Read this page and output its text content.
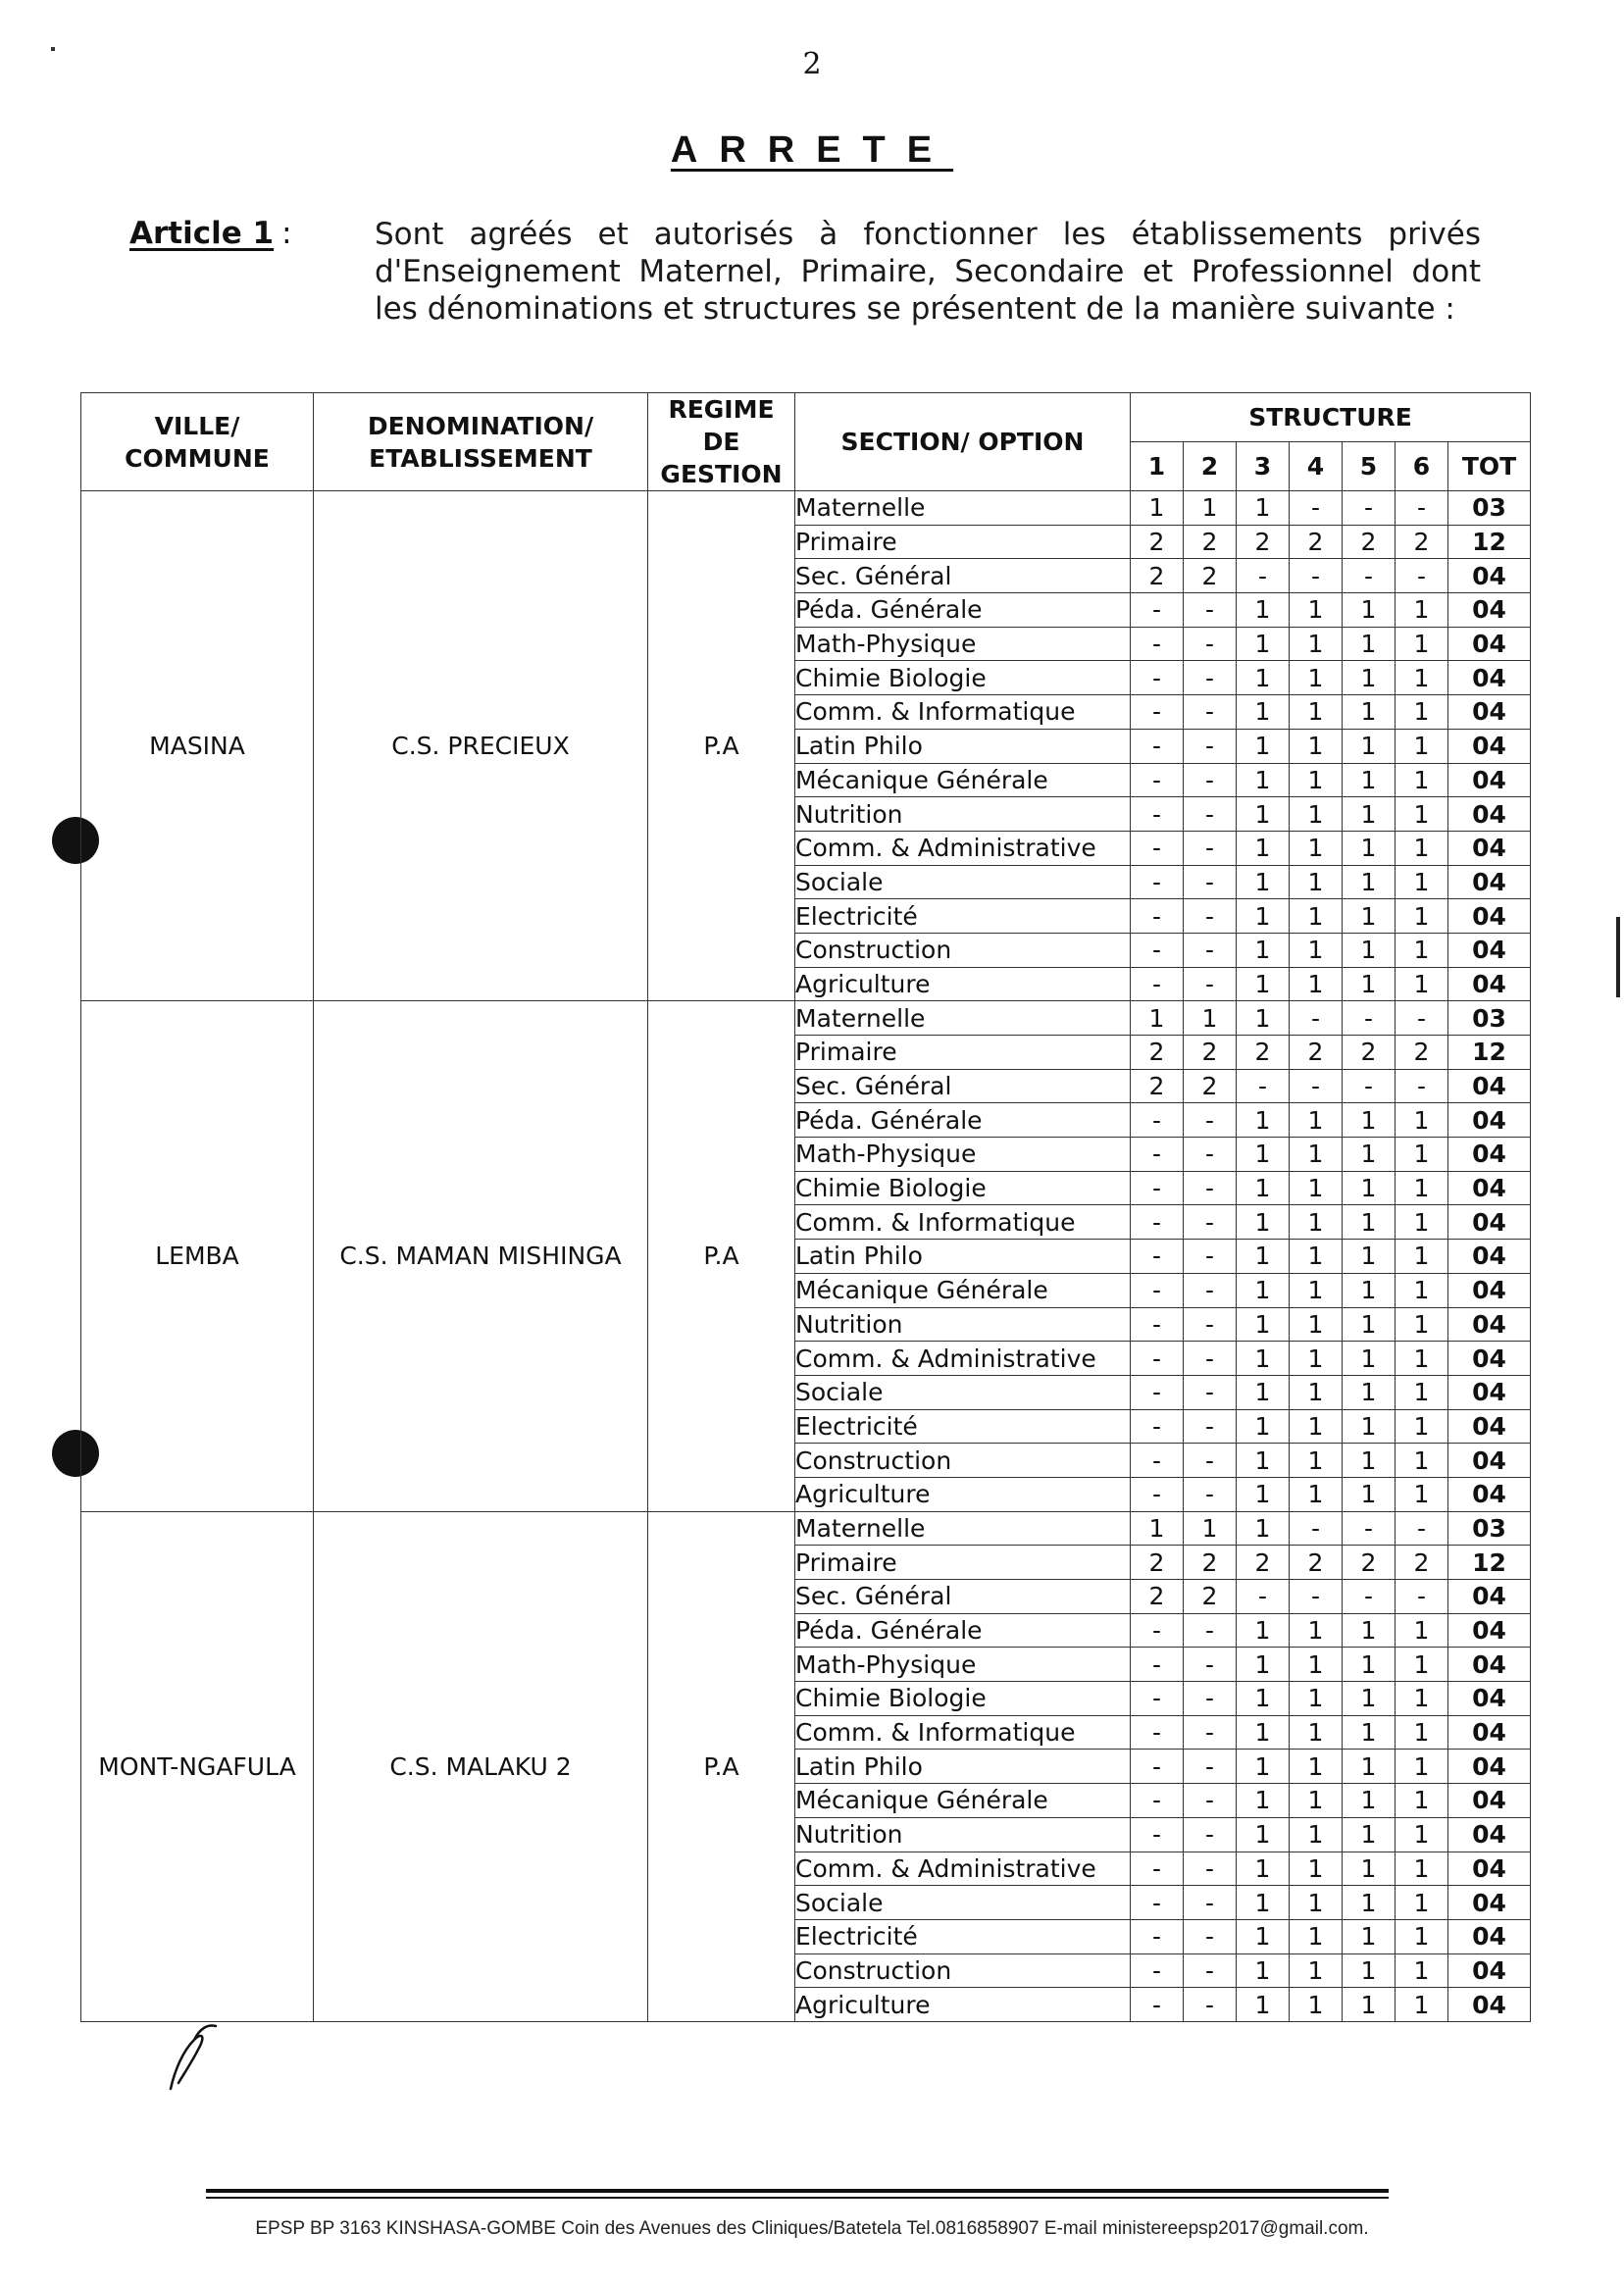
2
ARRETE
Article 1 :	Sont agréés et autorisés à fonctionner les établissements privés d'Enseignement Maternel, Primaire, Secondaire et Professionnel dont les dénominations et structures se présentent de la manière suivante :
VILLE/ COMMUNE	DENOMINATION/ ETABLISSEMENT	REGIME DE GESTION	SECTION/ OPTION	STRUCTURE						
				1	2	3	4	5	6	TOT
MASINA	C.S. PRECIEUX	P.A	Maternelle	1	1	1	-	-	-	03
			Primaire	2	2	2	2	2	2	12
			Sec. Général	2	2	-	-	-	-	04
			Péda. Générale	-	-	1	1	1	1	04
			Math-Physique	-	-	1	1	1	1	04
			Chimie Biologie	-	-	1	1	1	1	04
			Comm. & Informatique	-	-	1	1	1	1	04
			Latin Philo	-	-	1	1	1	1	04
			Mécanique Générale	-	-	1	1	1	1	04
			Nutrition	-	-	1	1	1	1	04
			Comm. & Administrative	-	-	1	1	1	1	04
			Sociale	-	-	1	1	1	1	04
			Electricité	-	-	1	1	1	1	04
			Construction	-	-	1	1	1	1	04
			Agriculture	-	-	1	1	1	1	04
LEMBA	C.S. MAMAN MISHINGA	P.A	Maternelle	1	1	1	-	-	-	03
			Primaire	2	2	2	2	2	2	12
			Sec. Général	2	2	-	-	-	-	04
			Péda. Générale	-	-	1	1	1	1	04
			Math-Physique	-	-	1	1	1	1	04
			Chimie Biologie	-	-	1	1	1	1	04
			Comm. & Informatique	-	-	1	1	1	1	04
			Latin Philo	-	-	1	1	1	1	04
			Mécanique Générale	-	-	1	1	1	1	04
			Nutrition	-	-	1	1	1	1	04
			Comm. & Administrative	-	-	1	1	1	1	04
			Sociale	-	-	1	1	1	1	04
			Electricité	-	-	1	1	1	1	04
			Construction	-	-	1	1	1	1	04
			Agriculture	-	-	1	1	1	1	04
MONT-NGAFULA	C.S. MALAKU 2	P.A	Maternelle	1	1	1	-	-	-	03
			Primaire	2	2	2	2	2	2	12
			Sec. Général	2	2	-	-	-	-	04
			Péda. Générale	-	-	1	1	1	1	04
			Math-Physique	-	-	1	1	1	1	04
			Chimie Biologie	-	-	1	1	1	1	04
			Comm. & Informatique	-	-	1	1	1	1	04
			Latin Philo	-	-	1	1	1	1	04
			Mécanique Générale	-	-	1	1	1	1	04
			Nutrition	-	-	1	1	1	1	04
			Comm. & Administrative	-	-	1	1	1	1	04
			Sociale	-	-	1	1	1	1	04
			Electricité	-	-	1	1	1	1	04
			Construction	-	-	1	1	1	1	04
			Agriculture	-	-	1	1	1	1	04
EPSP BP 3163 KINSHASA-GOMBE Coin des Avenues des Cliniques/Batetela Tel.0816858907 E-mail ministereepsp2017@gmail.com.
